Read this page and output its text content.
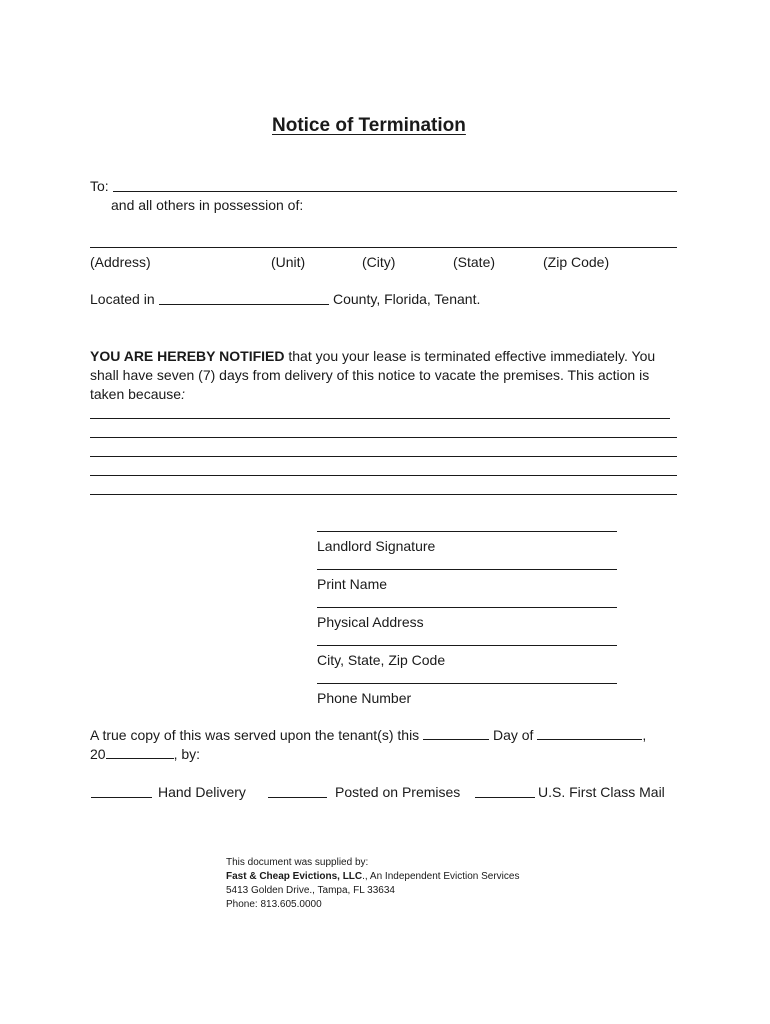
Notice of Termination
To:
and all others in possession of:
(Address)	(Unit)	(City)	(State)	(Zip Code)
Located in	County, Florida, Tenant.
YOU ARE HEREBY NOTIFIED that you your lease is terminated effective immediately. You shall have seven (7) days from delivery of this notice to vacate the premises. This action is taken because:
Landlord Signature
Print Name
Physical Address
City, State, Zip Code
Phone Number
A true copy of this was served upon the tenant(s) this	Day of	,
20	, by:
Hand Delivery	Posted on Premises	U.S. First Class Mail
This document was supplied by:
Fast & Cheap Evictions, LLC., An Independent Eviction Services
5413 Golden Drive., Tampa, FL 33634
Phone: 813.605.0000
